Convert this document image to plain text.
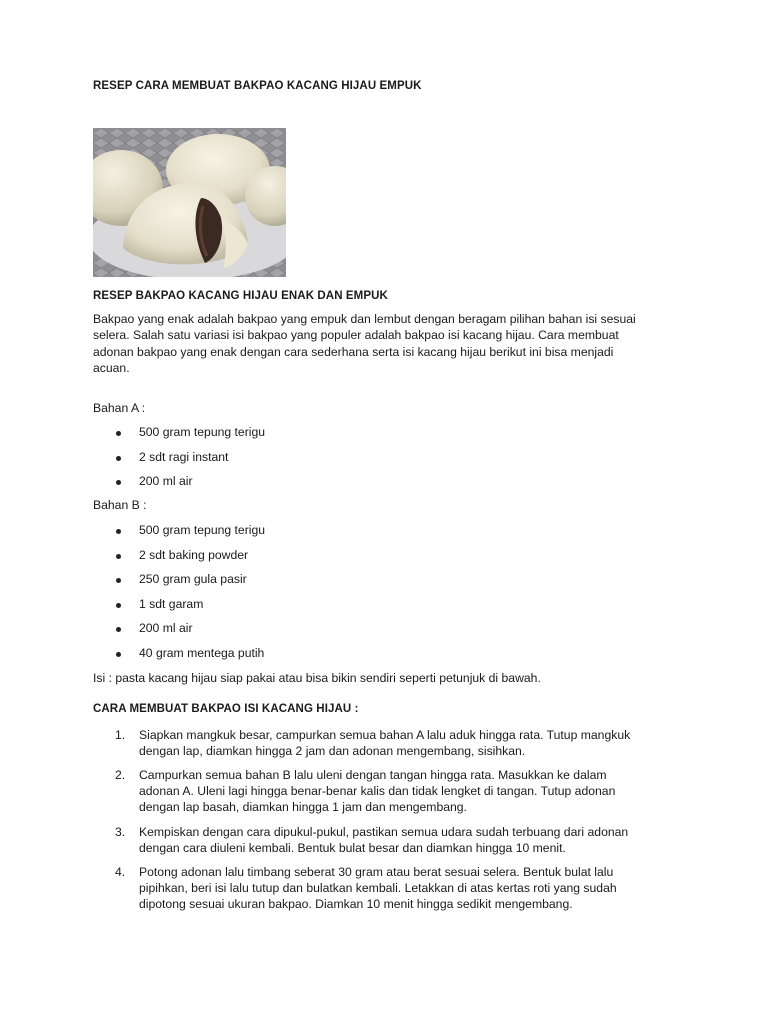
RESEP CARA MEMBUAT BAKPAO KACANG HIJAU EMPUK
RESEP BAKPAO KACANG HIJAU ENAK DAN EMPUK
Bakpao yang enak adalah bakpao yang empuk dan lembut dengan beragam pilihan bahan isi sesuai
selera. Salah satu variasi isi bakpao yang populer adalah bakpao isi kacang hijau. Cara membuat
adonan bakpao yang enak dengan cara sederhana serta isi kacang hijau berikut ini bisa menjadi
acuan.
Bahan A :
500 gram tepung terigu
2 sdt ragi instant
200 ml air
Bahan B :
500 gram tepung terigu
2 sdt baking powder
250 gram gula pasir
1 sdt garam
200 ml air
40 gram mentega putih
Isi : pasta kacang hijau siap pakai atau bisa bikin sendiri seperti petunjuk di bawah.
CARA MEMBUAT BAKPAO ISI KACANG HIJAU :
1. Siapkan mangkuk besar, campurkan semua bahan A lalu aduk hingga rata. Tutup mangkuk
dengan lap, diamkan hingga 2 jam dan adonan mengembang, sisihkan.
2. Campurkan semua bahan B lalu uleni dengan tangan hingga rata. Masukkan ke dalam
adonan A. Uleni lagi hingga benar-benar kalis dan tidak lengket di tangan. Tutup adonan
dengan lap basah, diamkan hingga 1 jam dan mengembang.
3. Kempiskan dengan cara dipukul-pukul, pastikan semua udara sudah terbuang dari adonan
dengan cara diuleni kembali. Bentuk bulat besar dan diamkan hingga 10 menit.
4. Potong adonan lalu timbang seberat 30 gram atau berat sesuai selera. Bentuk bulat lalu
pipihkan, beri isi lalu tutup dan bulatkan kembali. Letakkan di atas kertas roti yang sudah
dipotong sesuai ukuran bakpao. Diamkan 10 menit hingga sedikit mengembang.
